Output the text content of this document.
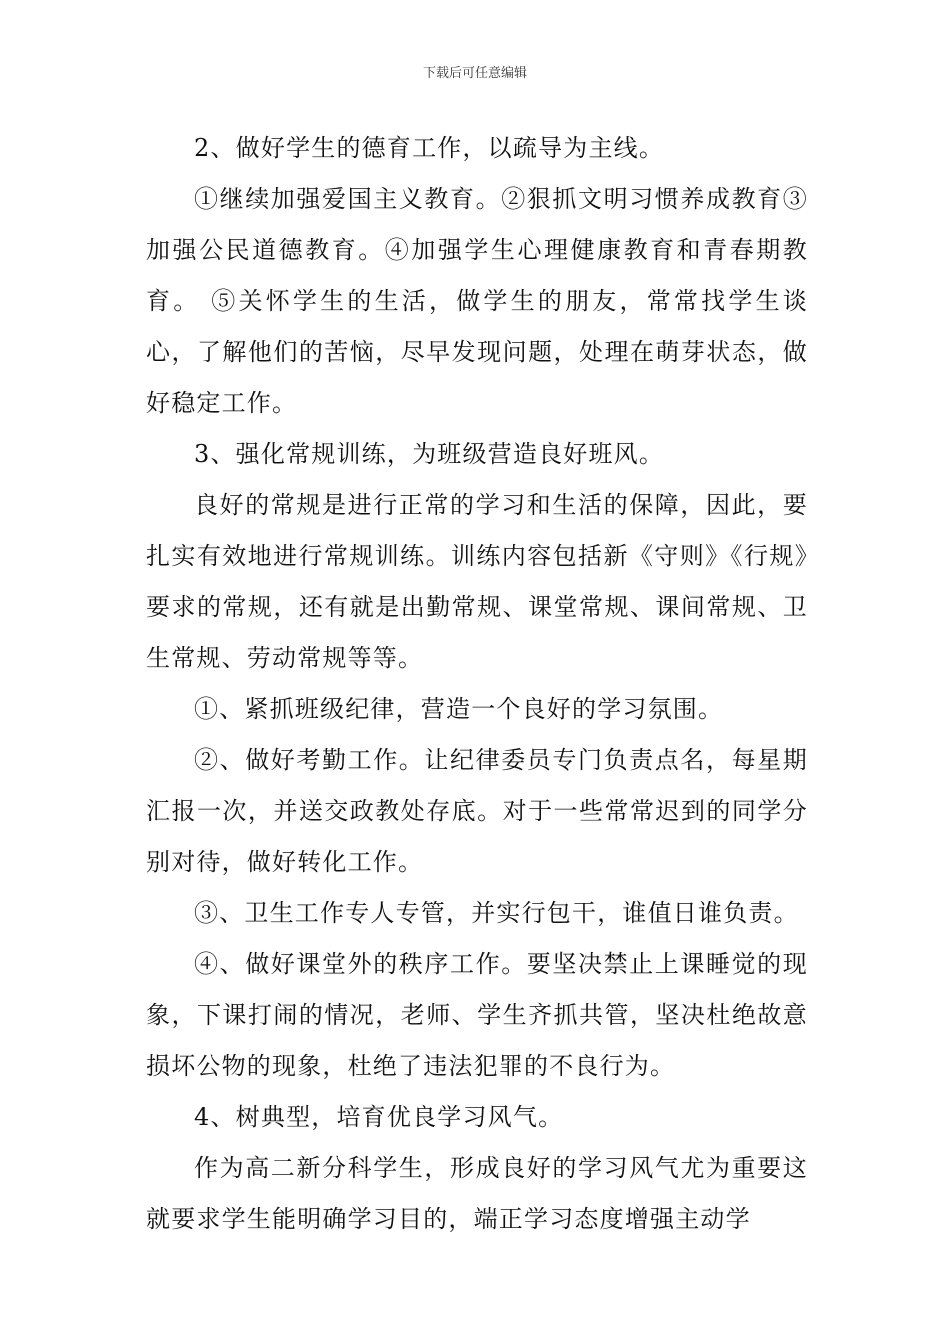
下载后可任意编辑

2、做好学生的德育工作，以疏导为主线。

①继续加强爱国主义教育。②狠抓文明习惯养成教育③加强公民道德教育。④加强学生心理健康教育和青春期教育。 ⑤关怀学生的生活，做学生的朋友，常常找学生谈心，了解他们的苦恼，尽早发现问题，处理在萌芽状态，做好稳定工作。

3、强化常规训练，为班级营造良好班风。

良好的常规是进行正常的学习和生活的保障，因此，要扎实有效地进行常规训练。训练内容包括新《守则》《行规》要求的常规，还有就是出勤常规、课堂常规、课间常规、卫生常规、劳动常规等等。

①、紧抓班级纪律，营造一个良好的学习氛围。

②、做好考勤工作。让纪律委员专门负责点名，每星期汇报一次，并送交政教处存底。对于一些常常迟到的同学分别对待，做好转化工作。

③、卫生工作专人专管，并实行包干，谁值日谁负责。

④、做好课堂外的秩序工作。要坚决禁止上课睡觉的现象，下课打闹的情况，老师、学生齐抓共管，坚决杜绝故意损坏公物的现象，杜绝了违法犯罪的不良行为。

4、树典型，培育优良学习风气。

作为高二新分科学生，形成良好的学习风气尤为重要这就要求学生能明确学习目的，端正学习态度增强主动学
